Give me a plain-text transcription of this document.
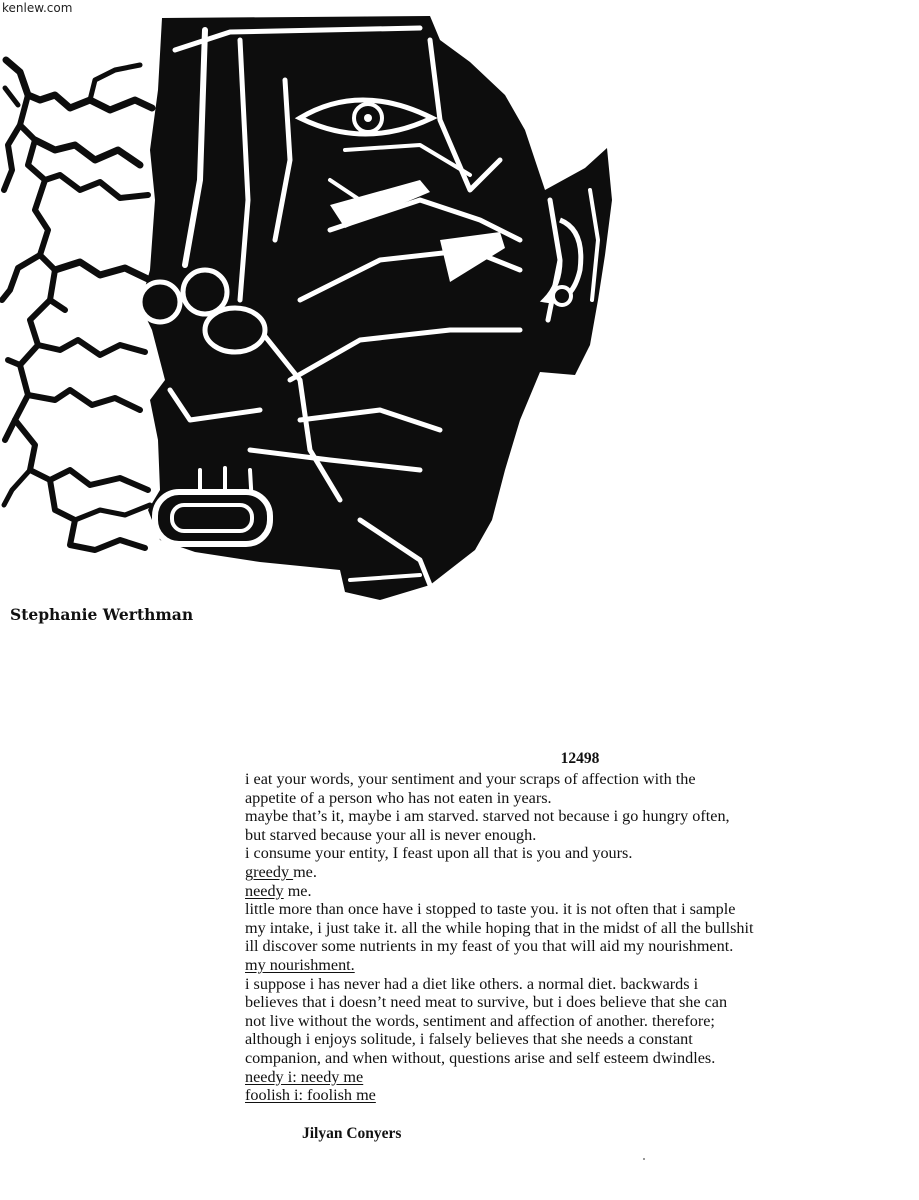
kenlew.com
Stephanie Werthman
12498
i eat your words, your sentiment and your scraps of affection with the
appetite of a person who has not eaten in years.
maybe that’s it, maybe i am starved. starved not because i go hungry often,
but starved because your all is never enough.
i consume your entity, I feast upon all that is you and yours.
greedy me.
needy me.
little more than once have i stopped to taste you. it is not often that i sample
my intake, i just take it. all the while hoping that in the midst of all the bullshit
ill discover some nutrients in my feast of you that will aid my nourishment.
my nourishment.
i suppose i has never had a diet like others. a normal diet. backwards i
believes that i doesn’t need meat to survive, but i does believe that she can
not live without the words, sentiment and affection of another. therefore;
although i enjoys solitude, i falsely believes that she needs a constant
companion, and when without, questions arise and self esteem dwindles.
needy i: needy me
foolish i: foolish me
Jilyan Conyers
